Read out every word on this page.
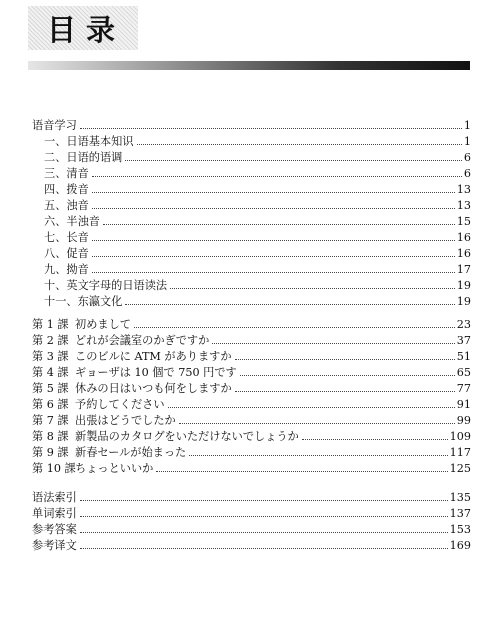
目录
语音学习	1
一、日语基本知识	1
二、日语的语调	6
三、清音	6
四、拨音	13
五、浊音	13
六、半浊音	15
七、长音	16
八、促音	16
九、拗音	17
十、英文字母的日语读法	19
十一、东瀛文化	19
第 1 課 初めまして	23
第 2 課 どれが会議室のかぎですか	37
第 3 課 このビルに ATM がありますか	51
第 4 課 ギョーザは 10 個で 750 円です	65
第 5 課 休みの日はいつも何をしますか	77
第 6 課 予約してください	91
第 7 課 出張はどうでしたか	99
第 8 課 新製品のカタログをいただけないでしょうか	109
第 9 課 新春セールが始まった	117
第 10 課ちょっといいか	125
语法索引	135
单词索引	137
参考答案	153
参考译文	169
